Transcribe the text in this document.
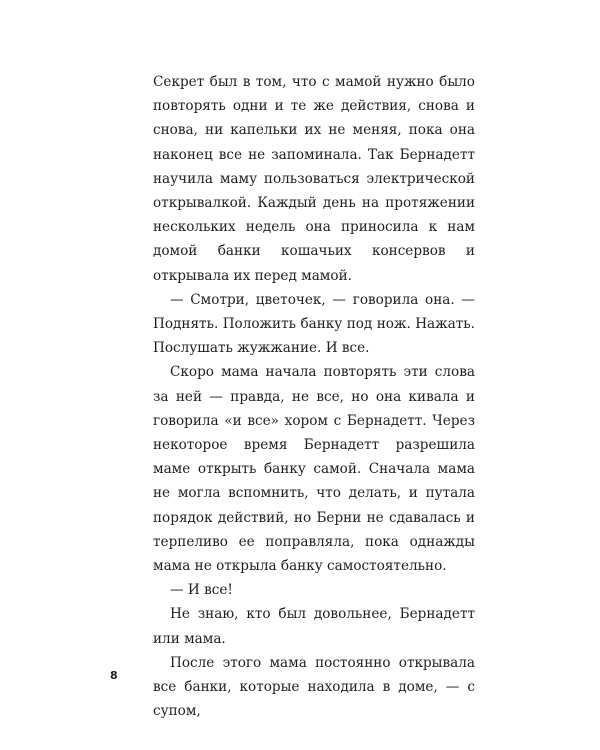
Секрет был в том, что с мамой нужно было повторять одни и те же действия, снова и снова, ни капельки их не меняя, пока она наконец все не запоминала. Так Бернадетт научила маму пользоваться электрической открывалкой. Каждый день на протяжении нескольких недель она приносила к нам домой банки кошачьих консервов и открывала их перед мамой.

— Смотри, цветочек, — говорила она. — Поднять. Положить банку под нож. Нажать. Послушать жужжание. И все.

Скоро мама начала повторять эти слова за ней — правда, не все, но она кивала и говорила «и все» хором с Бернадетт. Через некоторое время Бернадетт разрешила маме открыть банку самой. Сначала мама не могла вспомнить, что делать, и путала порядок действий, но Берни не сдавалась и терпеливо ее поправляла, пока однажды мама не открыла банку самостоятельно.

— И все!

Не знаю, кто был довольнее, Бернадетт или мама.

После этого мама постоянно открывала все банки, которые находила в доме, — с супом,

8
